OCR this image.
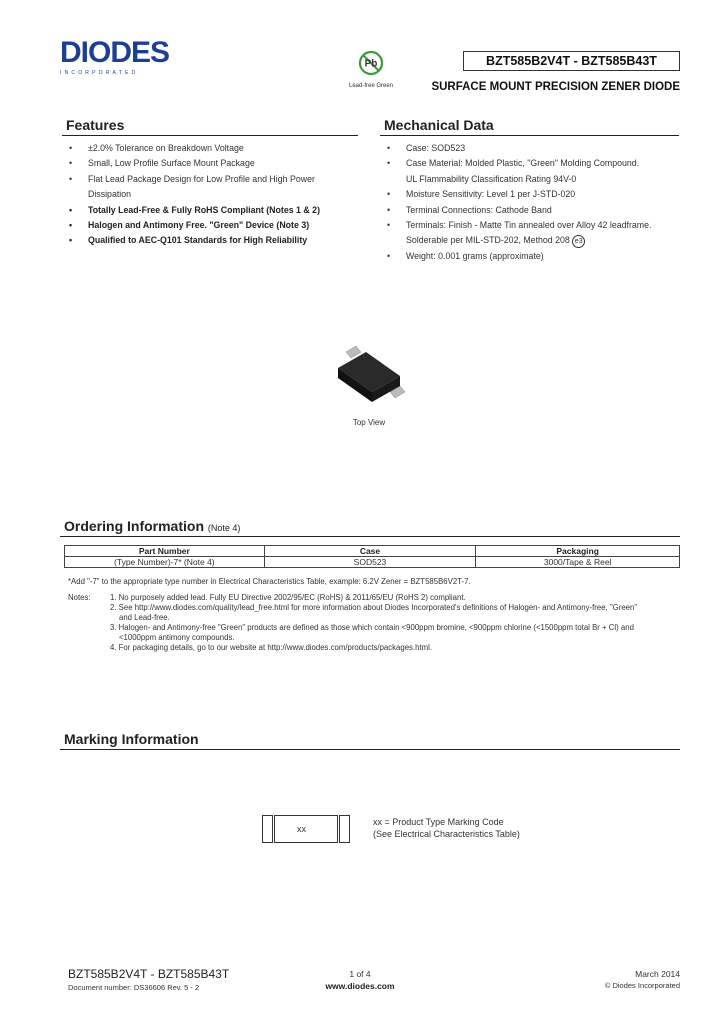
DIODES
INCORPORATED
Pb
Lead-free Green
BZT585B2V4T - BZT585B43T
SURFACE MOUNT PRECISION ZENER DIODE
Features
• ±2.0% Tolerance on Breakdown Voltage
• Small, Low Profile Surface Mount Package
• Flat Lead Package Design for Low Profile and High Power
Dissipation
• Totally Lead-Free & Fully RoHS Compliant (Notes 1 & 2)
• Halogen and Antimony Free. "Green" Device (Note 3)
• Qualified to AEC-Q101 Standards for High Reliability
Mechanical Data
• Case: SOD523
• Case Material: Molded Plastic, "Green" Molding Compound.
UL Flammability Classification Rating 94V-0
• Moisture Sensitivity: Level 1 per J-STD-020
• Terminal Connections: Cathode Band
• Terminals: Finish - Matte Tin annealed over Alloy 42 leadframe.
Solderable per MIL-STD-202, Method 208 e3
• Weight: 0.001 grams (approximate)
Top View
Ordering Information (Note 4)
Part Number	Case	Packaging
(Type Number)-7* (Note 4)	SOD523	3000/Tape & Reel
*Add "-7" to the appropriate type number in Electrical Characteristics Table, example: 6.2V Zener = BZT585B6V2T-7.
Notes: 1. No purposely added lead. Fully EU Directive 2002/95/EC (RoHS) & 2011/65/EU (RoHS 2) compliant.
2. See http://www.diodes.com/quality/lead_free.html for more information about Diodes Incorporated's definitions of Halogen- and Antimony-free, "Green"
and Lead-free.
3. Halogen- and Antimony-free "Green" products are defined as those which contain <900ppm bromine, <900ppm chlorine (<1500ppm total Br + Cl) and
<1000ppm antimony compounds.
4. For packaging details, go to our website at http://www.diodes.com/products/packages.html.
Marking Information
xx
xx = Product Type Marking Code
(See Electrical Characteristics Table)
BZT585B2V4T - BZT585B43T
Document number: DS36606 Rev. 5 - 2
1 of 4
www.diodes.com
March 2014
© Diodes Incorporated
